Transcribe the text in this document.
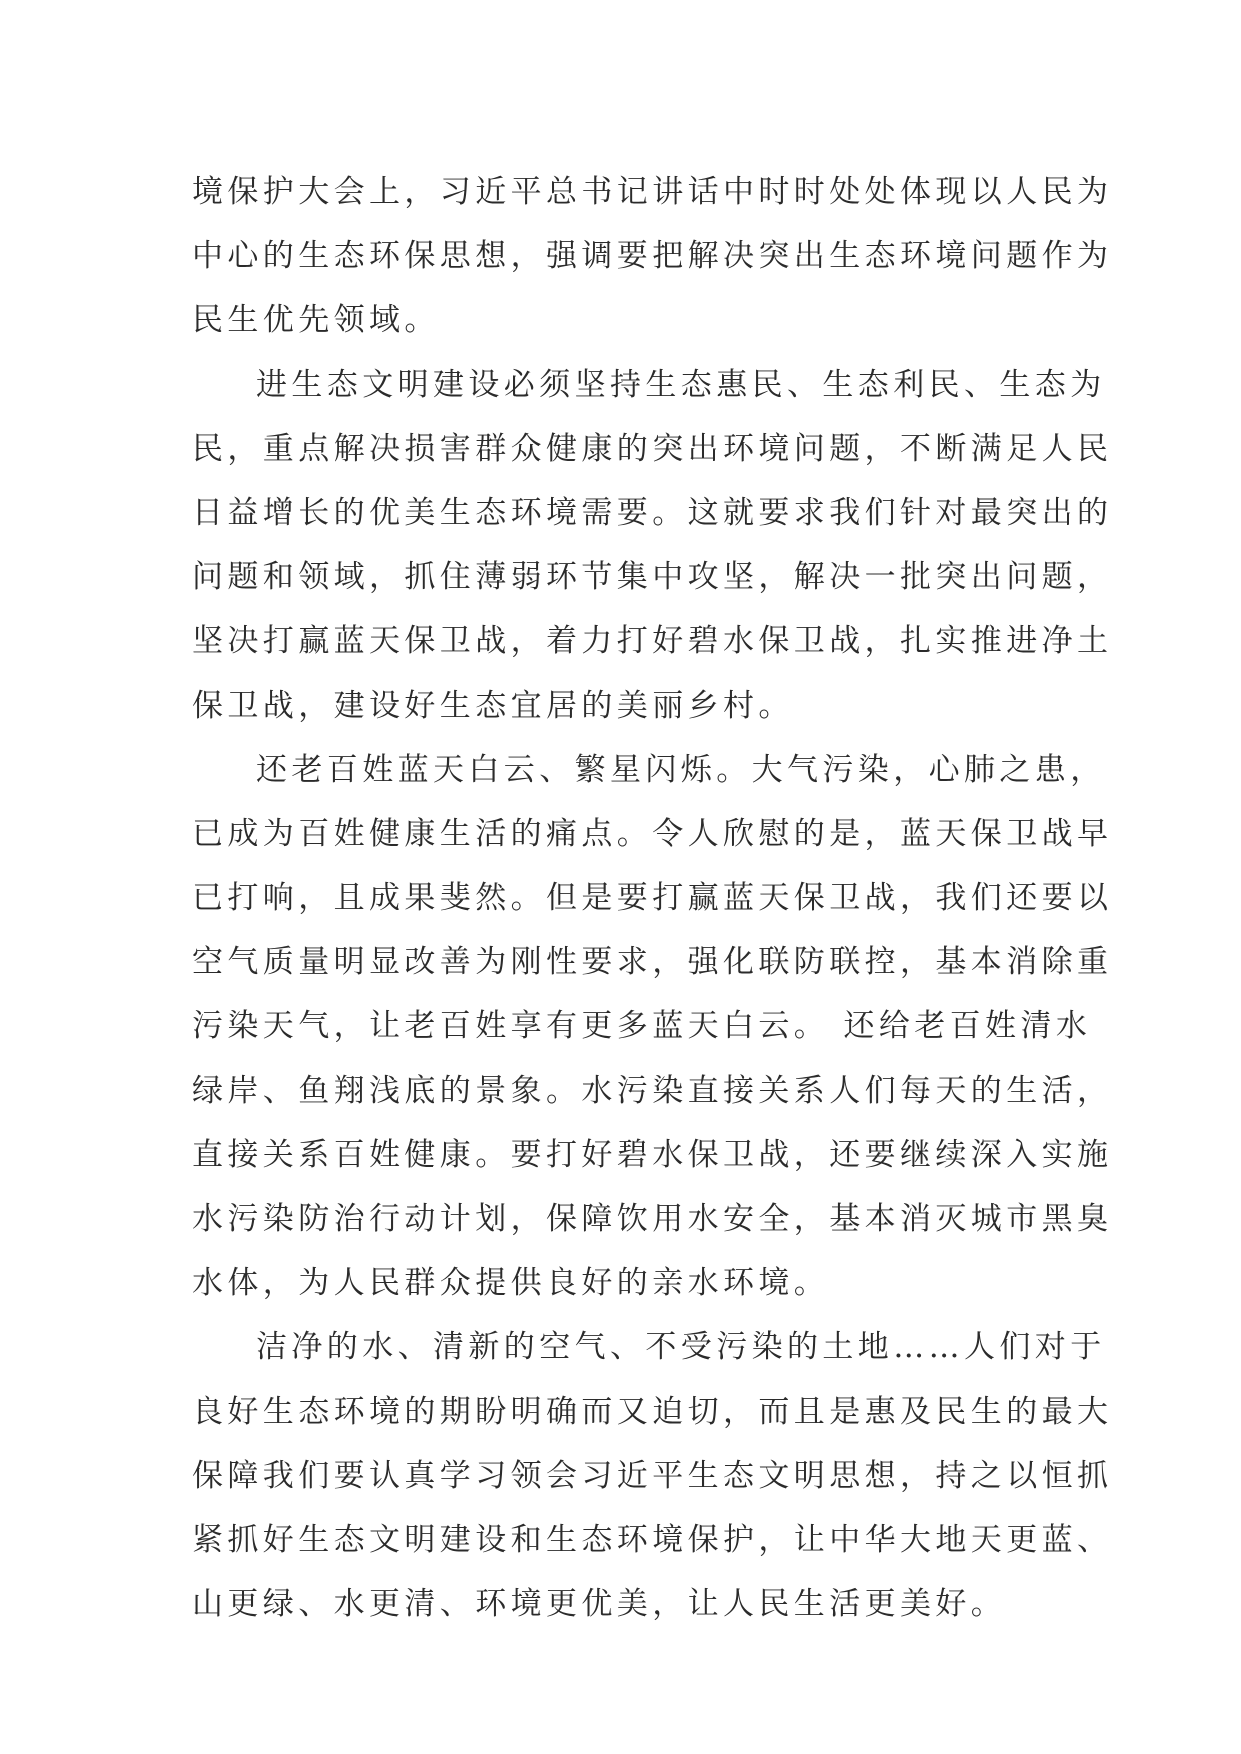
境保护大会上，习近平总书记讲话中时时处处体现以人民为
中心的生态环保思想，强调要把解决突出生态环境问题作为
民生优先领域。
进生态文明建设必须坚持生态惠民、生态利民、生态为
民，重点解决损害群众健康的突出环境问题，不断满足人民
日益增长的优美生态环境需要。这就要求我们针对最突出的
问题和领域，抓住薄弱环节集中攻坚，解决一批突出问题，
坚决打赢蓝天保卫战，着力打好碧水保卫战，扎实推进净土
保卫战，建设好生态宜居的美丽乡村。
还老百姓蓝天白云、繁星闪烁。大气污染，心肺之患，
已成为百姓健康生活的痛点。令人欣慰的是，蓝天保卫战早
已打响，且成果斐然。但是要打赢蓝天保卫战，我们还要以
空气质量明显改善为刚性要求，强化联防联控，基本消除重
污染天气，让老百姓享有更多蓝天白云。 还给老百姓清水
绿岸、鱼翔浅底的景象。水污染直接关系人们每天的生活，
直接关系百姓健康。要打好碧水保卫战，还要继续深入实施
水污染防治行动计划，保障饮用水安全，基本消灭城市黑臭
水体，为人民群众提供良好的亲水环境。
洁净的水、清新的空气、不受污染的土地……人们对于
良好生态环境的期盼明确而又迫切，而且是惠及民生的最大
保障我们要认真学习领会习近平生态文明思想，持之以恒抓
紧抓好生态文明建设和生态环境保护，让中华大地天更蓝、
山更绿、水更清、环境更优美，让人民生活更美好。
